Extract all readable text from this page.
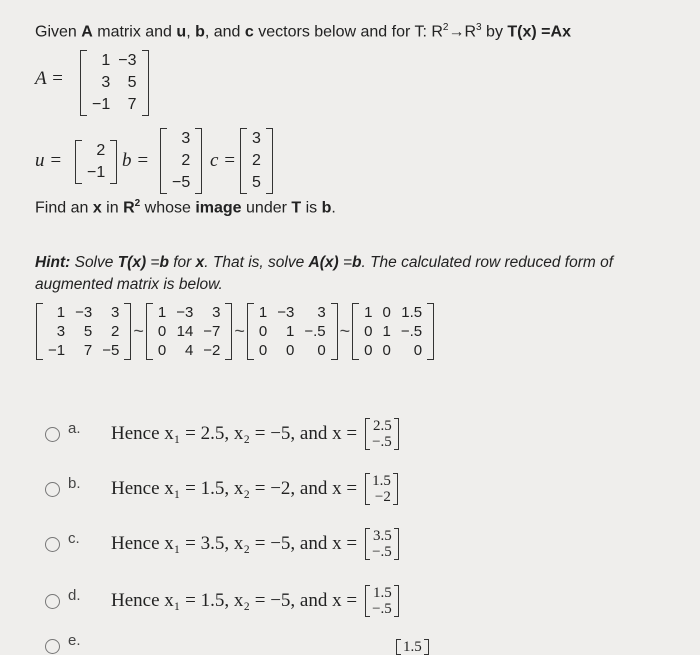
Given A matrix and u, b, and c vectors below and for T: $R^2\to R^3$ by T(x) =Ax
A =
1	−3
3	5
−1	7
u = 2
−1
b =
3
2
−5
c =
3
2
5
Find an x in $R^2$ whose image under T is b.
Hint: Solve T(x) =b for x. That is, solve A(x) =b. The calculated row reduced form of
augmented matrix is below.
1	−3	3
3	5	2
−1	7	−5
~
1	−3	3
0	14	−7
0	4	−2
~
1	−3	3
0	1	−.5
0	0	0
~
1	0	1.5
0	1	−.5
0	0	0
a.	Hence x₁ = 2.5, x₂ = −5, and x = 2.5
−.5
b.	Hence x₁ = 1.5, x₂ = −2, and x = 1.5
−2
c.	Hence x₁ = 3.5, x₂ = −5, and x = 3.5
−.5
d.	Hence x₁ = 1.5, x₂ = −5, and x = 1.5
−.5
e.	1.5
